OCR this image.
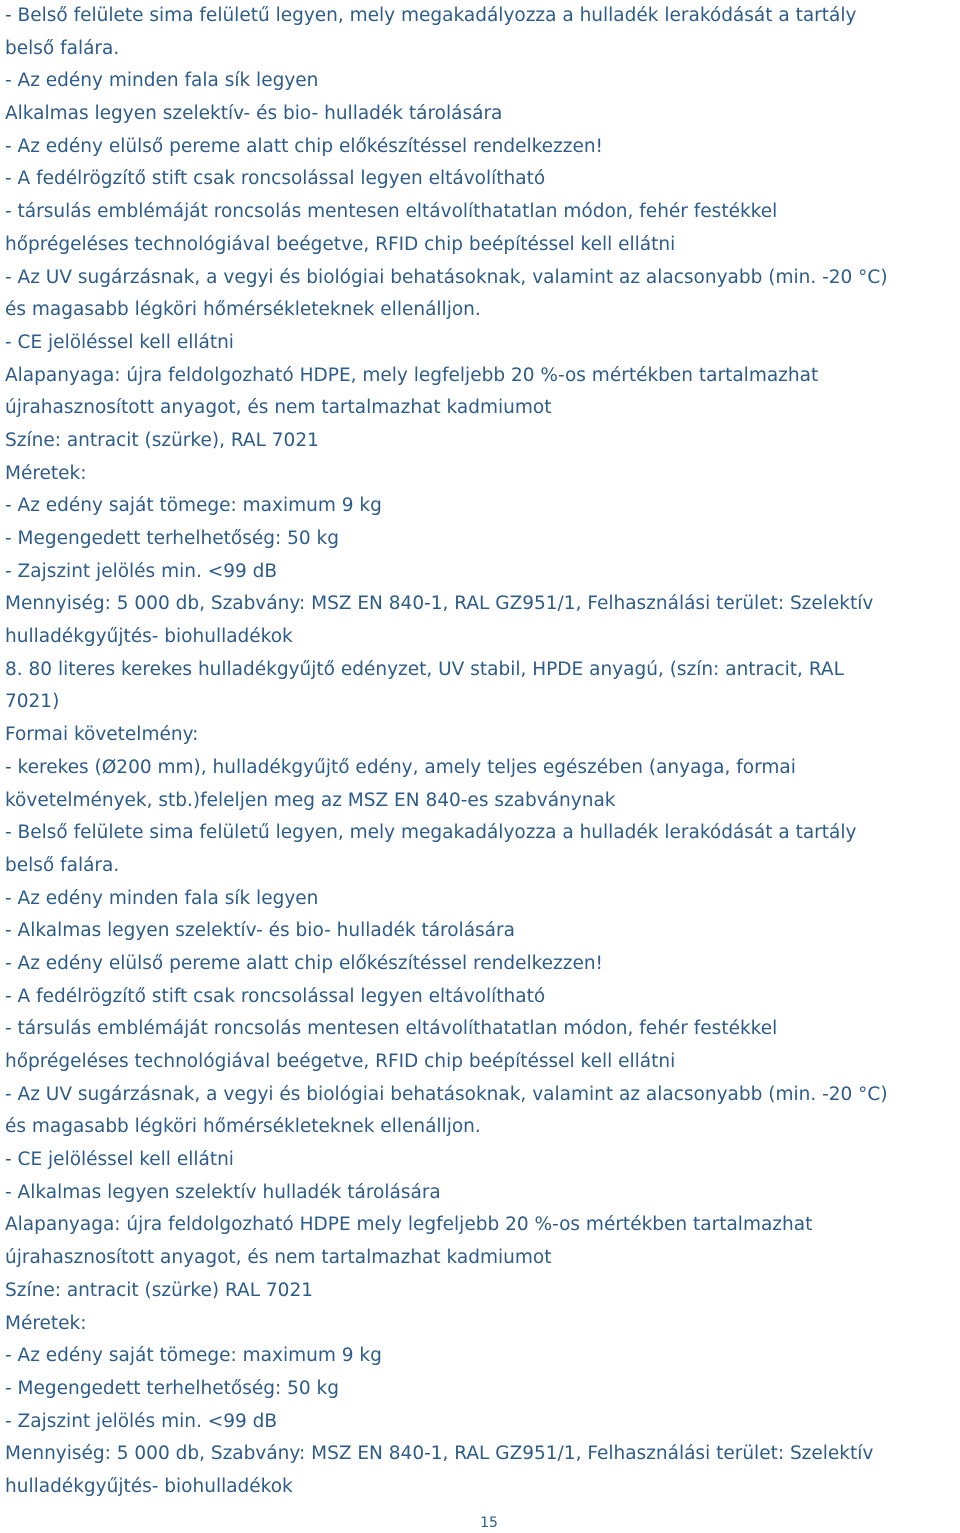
- Belső felülete sima felületű legyen, mely megakadályozza a hulladék lerakódását a tartály
belső falára.
- Az edény minden fala sík legyen
Alkalmas legyen szelektív- és bio- hulladék tárolására
- Az edény elülső pereme alatt chip előkészítéssel rendelkezzen!
- A fedélrögzítő stift csak roncsolással legyen eltávolítható
- társulás emblémáját roncsolás mentesen eltávolíthatatlan módon, fehér festékkel
hőprégeléses technológiával beégetve, RFID chip beépítéssel kell ellátni
- Az UV sugárzásnak, a vegyi és biológiai behatásoknak, valamint az alacsonyabb (min. -20 °C)
és magasabb légköri hőmérsékleteknek ellenálljon.
- CE jelöléssel kell ellátni
Alapanyaga: újra feldolgozható HDPE, mely legfeljebb 20 %-os mértékben tartalmazhat
újrahasznosított anyagot, és nem tartalmazhat kadmiumot
Színe: antracit (szürke), RAL 7021
Méretek:
- Az edény saját tömege: maximum 9 kg
- Megengedett terhelhetőség: 50 kg
- Zajszint jelölés min. <99 dB
Mennyiség: 5 000 db, Szabvány: MSZ EN 840-1, RAL GZ951/1, Felhasználási terület: Szelektív
hulladékgyűjtés- biohulladékok
8. 80 literes kerekes hulladékgyűjtő edényzet, UV stabil, HPDE anyagú, (szín: antracit, RAL
7021)
Formai követelmény:
- kerekes (Ø200 mm), hulladékgyűjtő edény, amely teljes egészében (anyaga, formai
követelmények, stb.)feleljen meg az MSZ EN 840-es szabványnak
- Belső felülete sima felületű legyen, mely megakadályozza a hulladék lerakódását a tartály
belső falára.
- Az edény minden fala sík legyen
- Alkalmas legyen szelektív- és bio- hulladék tárolására
- Az edény elülső pereme alatt chip előkészítéssel rendelkezzen!
- A fedélrögzítő stift csak roncsolással legyen eltávolítható
- társulás emblémáját roncsolás mentesen eltávolíthatatlan módon, fehér festékkel
hőprégeléses technológiával beégetve, RFID chip beépítéssel kell ellátni
- Az UV sugárzásnak, a vegyi és biológiai behatásoknak, valamint az alacsonyabb (min. -20 °C)
és magasabb légköri hőmérsékleteknek ellenálljon.
- CE jelöléssel kell ellátni
- Alkalmas legyen szelektív hulladék tárolására
Alapanyaga: újra feldolgozható HDPE mely legfeljebb 20 %-os mértékben tartalmazhat
újrahasznosított anyagot, és nem tartalmazhat kadmiumot
Színe: antracit (szürke) RAL 7021
Méretek:
- Az edény saját tömege: maximum 9 kg
- Megengedett terhelhetőség: 50 kg
- Zajszint jelölés min. <99 dB
Mennyiség: 5 000 db, Szabvány: MSZ EN 840-1, RAL GZ951/1, Felhasználási terület: Szelektív
hulladékgyűjtés- biohulladékok
15
